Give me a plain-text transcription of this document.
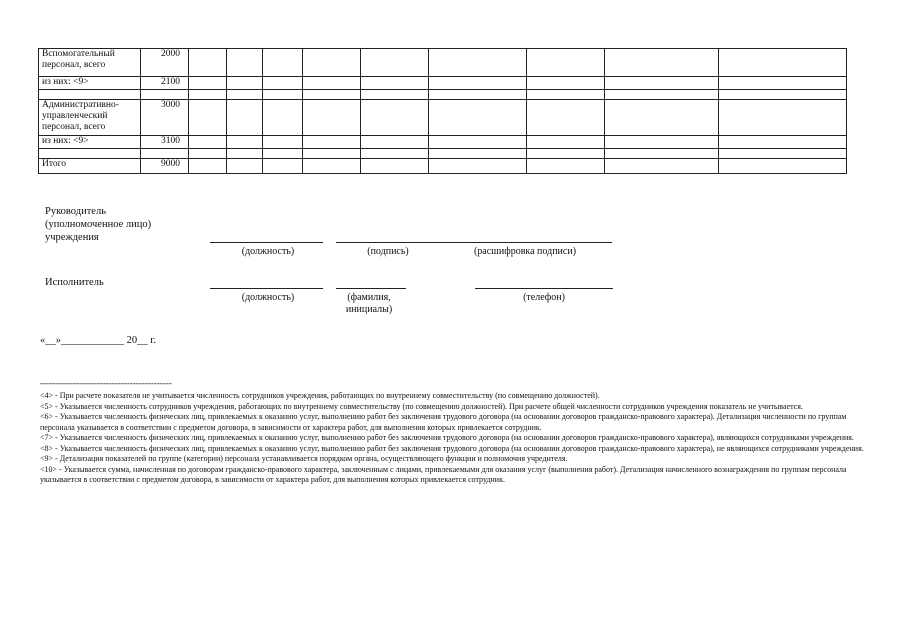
Вспомогательный персонал, всего	2000									
из них: <9>	2100									

Административно-управленческий персонал, всего	3000									
из них: <9>	3100									

Итого	9000									
Руководитель (уполномоченное лицо) учреждения
(должность)	(подпись)	(расшифровка подписи)
Исполнитель
(должность)	(фамилия, инициалы)
(телефон)
«__»____________ 20__ г.
--------------------------------------------

<4> - При расчете показателя не учитывается численность сотрудников учреждения, работающих по внутреннему совместительству (по совмещению должностей).

<5> - Указывается численность сотрудников учреждения, работающих по внутреннему совместительству (по совмещению должностей). При расчете общей численности сотрудников учреждения показатель не учитывается.

<6> - Указывается численность физических лиц, привлекаемых к оказанию услуг, выполнению работ без заключения трудового договора (на основании договоров гражданско-правового характера). Детализация численности по группам персонала указывается в соответствии с предметом договора, в зависимости от характера работ, для выполнения которых привлекается сотрудник.

<7> - Указывается численность физических лиц, привлекаемых к оказанию услуг, выполнению работ без заключения трудового договора (на основании договоров гражданско-правового характера), являющихся сотрудниками учреждения.

<8> - Указывается численность физических лиц, привлекаемых к оказанию услуг, выполнению работ без заключения трудового договора (на основании договоров гражданско-правового характера), не являющихся сотрудниками учреждения.

<9> - Детализация показателей по группе (категории) персонала устанавливается порядком органа, осуществляющего функции и полномочия учредителя.

<10> - Указывается сумма, начисленная по договорам гражданско-правового характера, заключенным с лицами, привлекаемыми для оказания услуг (выполнения работ). Детализация начисленного вознаграждения по группам персонала указывается в соответствии с предметом договора, в зависимости от характера работ, для выполнения которых привлекается сотрудник.
